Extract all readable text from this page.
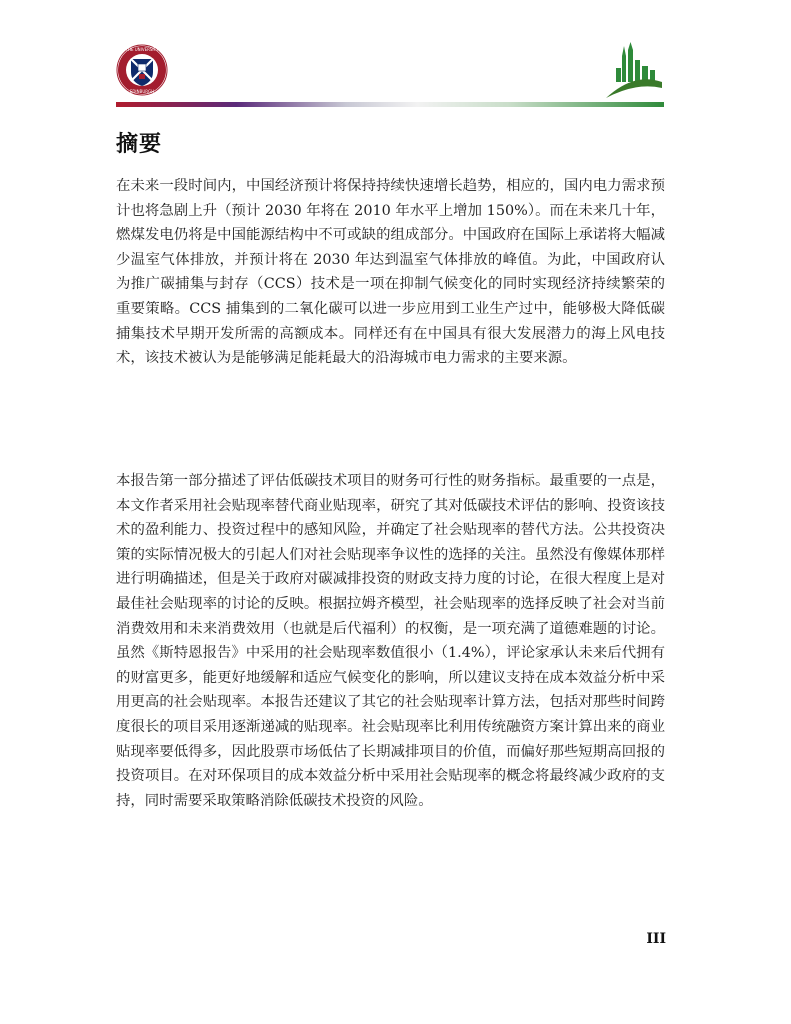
THE UNIVERSITY
EDINBURGH
摘要

在未来一段时间内，中国经济预计将保持持续快速增长趋势，相应的，国内电力需求预计也将急剧上升（预计 2030 年将在 2010 年水平上增加 150%）。而在未来几十年，燃煤发电仍将是中国能源结构中不可或缺的组成部分。中国政府在国际上承诺将大幅减少温室气体排放，并预计将在 2030 年达到温室气体排放的峰值。为此，中国政府认为推广碳捕集与封存（CCS）技术是一项在抑制气候变化的同时实现经济持续繁荣的重要策略。CCS 捕集到的二氧化碳可以进一步应用到工业生产过中，能够极大降低碳捕集技术早期开发所需的高额成本。同样还有在中国具有很大发展潜力的海上风电技术，该技术被认为是能够满足能耗最大的沿海城市电力需求的主要来源。

本报告第一部分描述了评估低碳技术项目的财务可行性的财务指标。最重要的一点是，本文作者采用社会贴现率替代商业贴现率，研究了其对低碳技术评估的影响、投资该技术的盈利能力、投资过程中的感知风险，并确定了社会贴现率的替代方法。公共投资决策的实际情况极大的引起人们对社会贴现率争议性的选择的关注。虽然没有像媒体那样进行明确描述，但是关于政府对碳减排投资的财政支持力度的讨论，在很大程度上是对最佳社会贴现率的讨论的反映。根据拉姆齐模型，社会贴现率的选择反映了社会对当前消费效用和未来消费效用（也就是后代福利）的权衡，是一项充满了道德难题的讨论。虽然《斯特恩报告》中采用的社会贴现率数值很小（1.4%），评论家承认未来后代拥有的财富更多，能更好地缓解和适应气候变化的影响，所以建议支持在成本效益分析中采用更高的社会贴现率。本报告还建议了其它的社会贴现率计算方法，包括对那些时间跨度很长的项目采用逐渐递减的贴现率。社会贴现率比利用传统融资方案计算出来的商业贴现率要低得多，因此股票市场低估了长期减排项目的价值，而偏好那些短期高回报的投资项目。在对环保项目的成本效益分析中采用社会贴现率的概念将最终减少政府的支持，同时需要采取策略消除低碳技术投资的风险。

III
